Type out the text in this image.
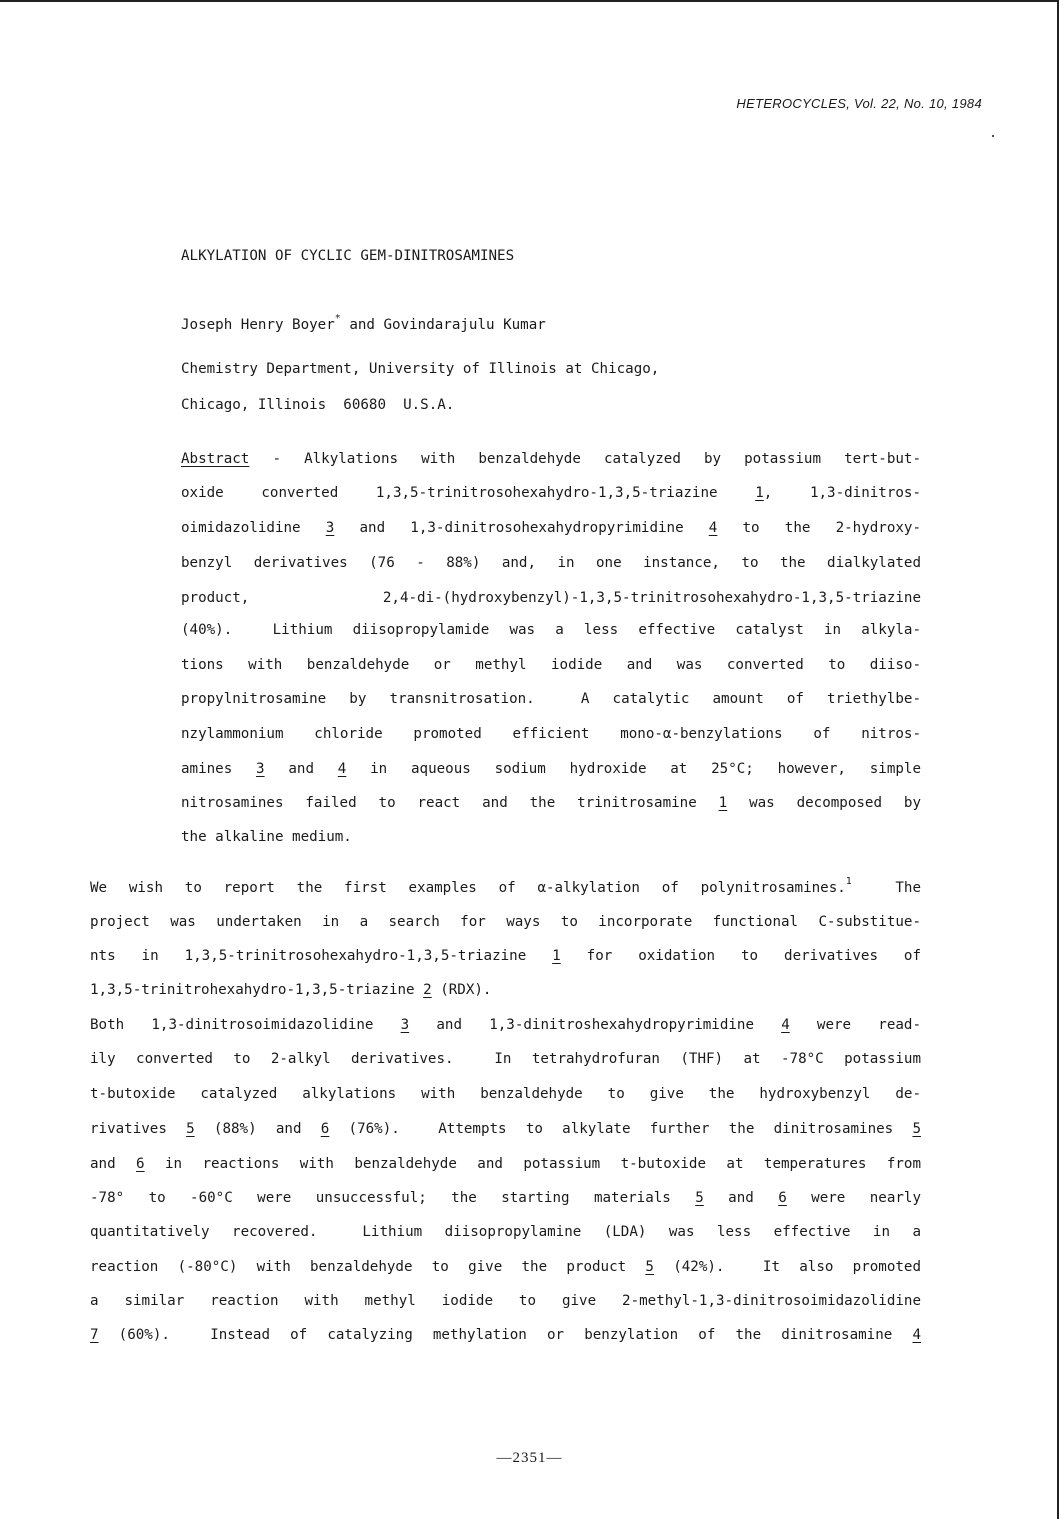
HETEROCYCLES, Vol. 22, No. 10, 1984
ALKYLATION OF CYCLIC GEM-DINITROSAMINES
Joseph Henry Boyer* and Govindarajulu Kumar
Chemistry Department, University of Illinois at Chicago,
Chicago, Illinois  60680  U.S.A.
Abstract - Alkylations with benzaldehyde catalyzed by potassium tert-but-
oxide converted 1,3,5-trinitrosohexahydro-1,3,5-triazine 1, 1,3-dinitros-
oimidazolidine 3 and 1,3-dinitrosohexahydropyrimidine 4 to the 2-hydroxy-
benzyl derivatives (76 - 88%) and, in one instance, to the dialkylated
product, 2,4-di-(hydroxybenzyl)-1,3,5-trinitrosohexahydro-1,3,5-triazine
(40%).  Lithium diisopropylamide was a less effective catalyst in alkyla-
tions with benzaldehyde or methyl iodide and was converted to diiso-
propylnitrosamine by transnitrosation.  A catalytic amount of triethylbe-
nzylammonium chloride promoted efficient mono-α-benzylations of nitros-
amines 3 and 4 in aqueous sodium hydroxide at 25°C; however, simple
nitrosamines failed to react and the trinitrosamine 1 was decomposed by
the alkaline medium.
We wish to report the first examples of α-alkylation of polynitrosamines.$^1$  The
project was undertaken in a search for ways to incorporate functional C-substitue-
nts in 1,3,5-trinitrosohexahydro-1,3,5-triazine 1 for oxidation to derivatives of
1,3,5-trinitrohexahydro-1,3,5-triazine 2 (RDX).
Both 1,3-dinitrosoimidazolidine 3 and 1,3-dinitroshexahydropyrimidine 4 were read-
ily converted to 2-alkyl derivatives.  In tetrahydrofuran (THF) at -78°C potassium
t-butoxide catalyzed alkylations with benzaldehyde to give the hydroxybenzyl de-
rivatives 5 (88%) and 6 (76%).  Attempts to alkylate further the dinitrosamines 5
and 6 in reactions with benzaldehyde and potassium t-butoxide at temperatures from
-78° to -60°C were unsuccessful; the starting materials 5 and 6 were nearly
quantitatively recovered.  Lithium diisopropylamine (LDA) was less effective in a
reaction (-80°C) with benzaldehyde to give the product 5 (42%).  It also promoted
a similar reaction with methyl iodide to give 2-methyl-1,3-dinitrosoimidazolidine
7 (60%).  Instead of catalyzing methylation or benzylation of the dinitrosamine 4
—2351—
